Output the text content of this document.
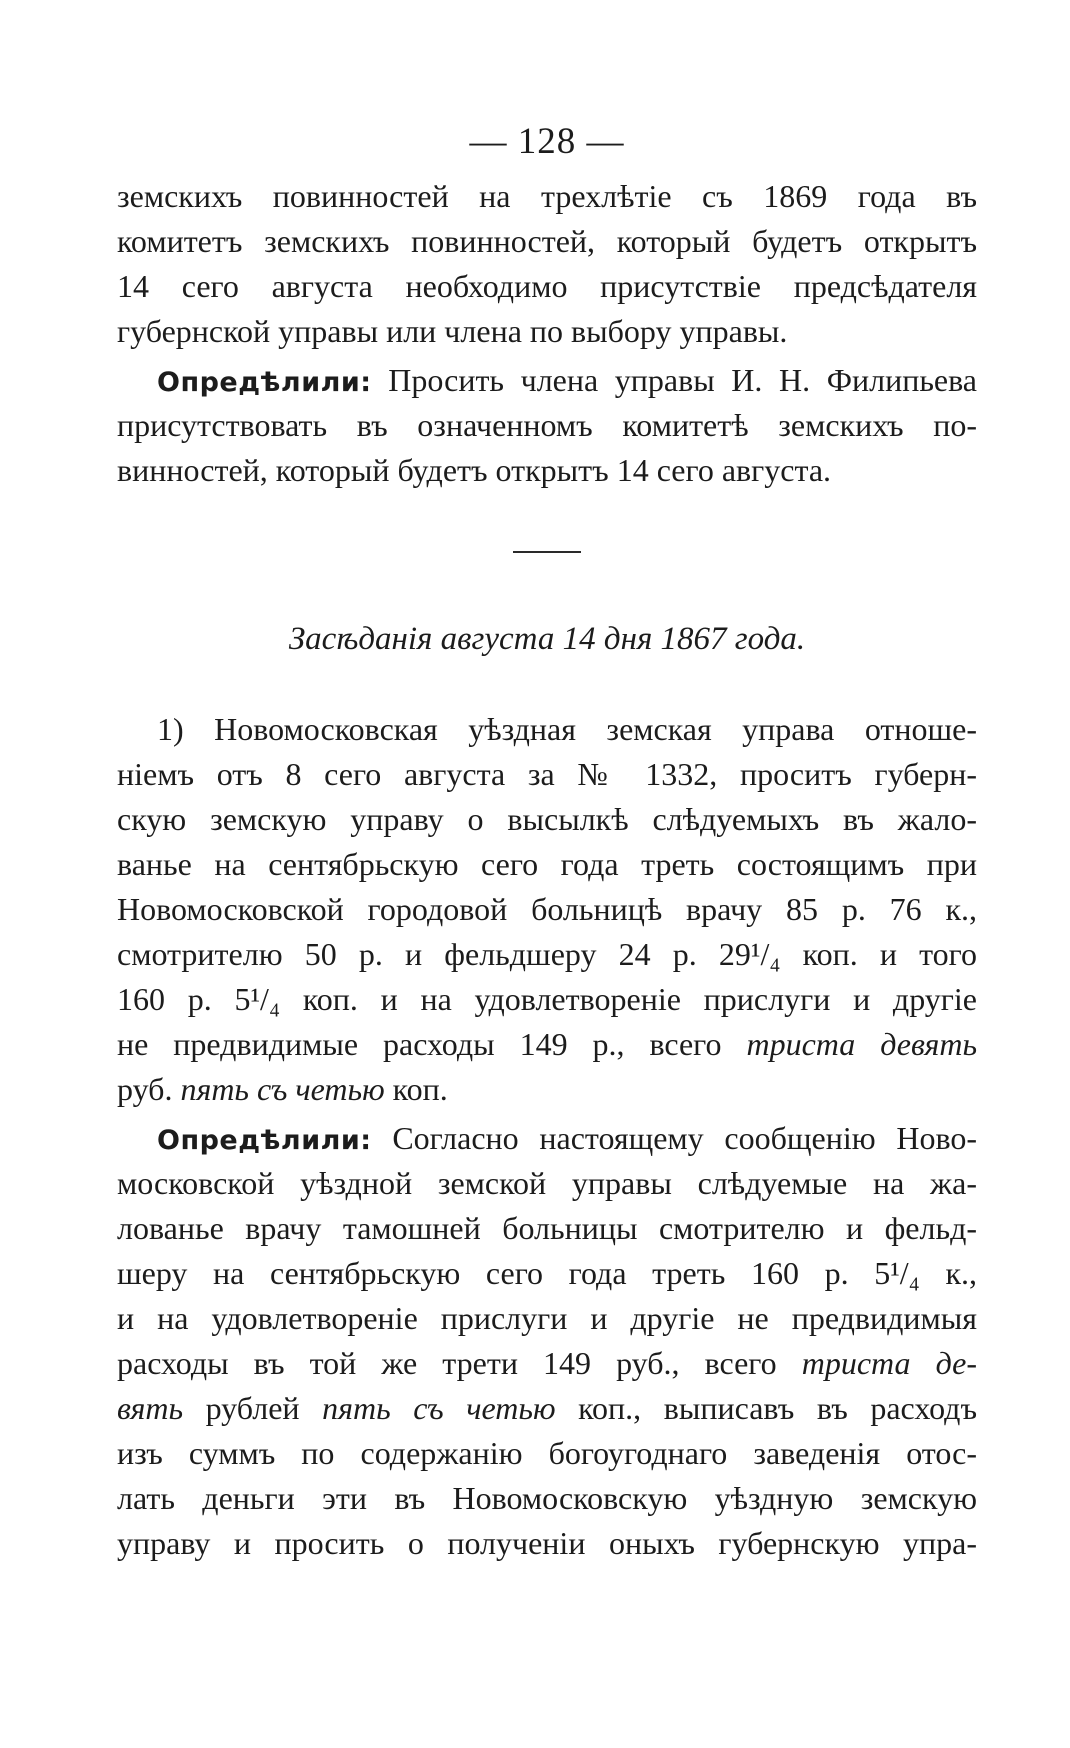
— 128 —
земскихъ повинностей на трехлѣтіе съ 1869 года въ
комитетъ земскихъ повинностей, который будетъ открытъ
14 сего августа необходимо присутствіе предсѣдателя
губернской управы или члена по выбору управы.
Опредѣлили: Просить члена управы И. Н. Филипьева
присутствовать въ означенномъ комитетѣ земскихъ по-
винностей, который будетъ открытъ 14 сего августа.
Засѣданія августа 14 дня 1867 года.
1) Новомосковская уѣздная земская управа отноше-
ніемъ отъ 8 сего августа за № 1332, проситъ губерн-
скую земскую управу о высылкѣ слѣдуемыхъ въ жало-
ванье на сентябрьскую сего года треть состоящимъ при
Новомосковской городовой больницѣ врачу 85 р. 76 к.,
смотрителю 50 р. и фельдшеру 24 р. 29¹/₄ коп. и того
160 р. 5¹/₄ коп. и на удовлетвореніе прислуги и другіе
не предвидимые расходы 149 р., всего триста девять
руб. пять съ четью коп.
Опредѣлили: Согласно настоящему сообщенію Ново-
московской уѣздной земской управы слѣдуемые на жа-
лованье врачу тамошней больницы смотрителю и фельд-
шеру на сентябрьскую сего года треть 160 р. 5¹/₄ к.,
и на удовлетвореніе прислуги и другіе не предвидимыя
расходы въ той же трети 149 руб., всего триста де-
вять рублей пять съ четью коп., выписавъ въ расходъ
изъ суммъ по содержанію богоугоднаго заведенія отос-
лать деньги эти въ Новомосковскую уѣздную земскую
управу и просить о полученіи оныхъ губернскую упра-
